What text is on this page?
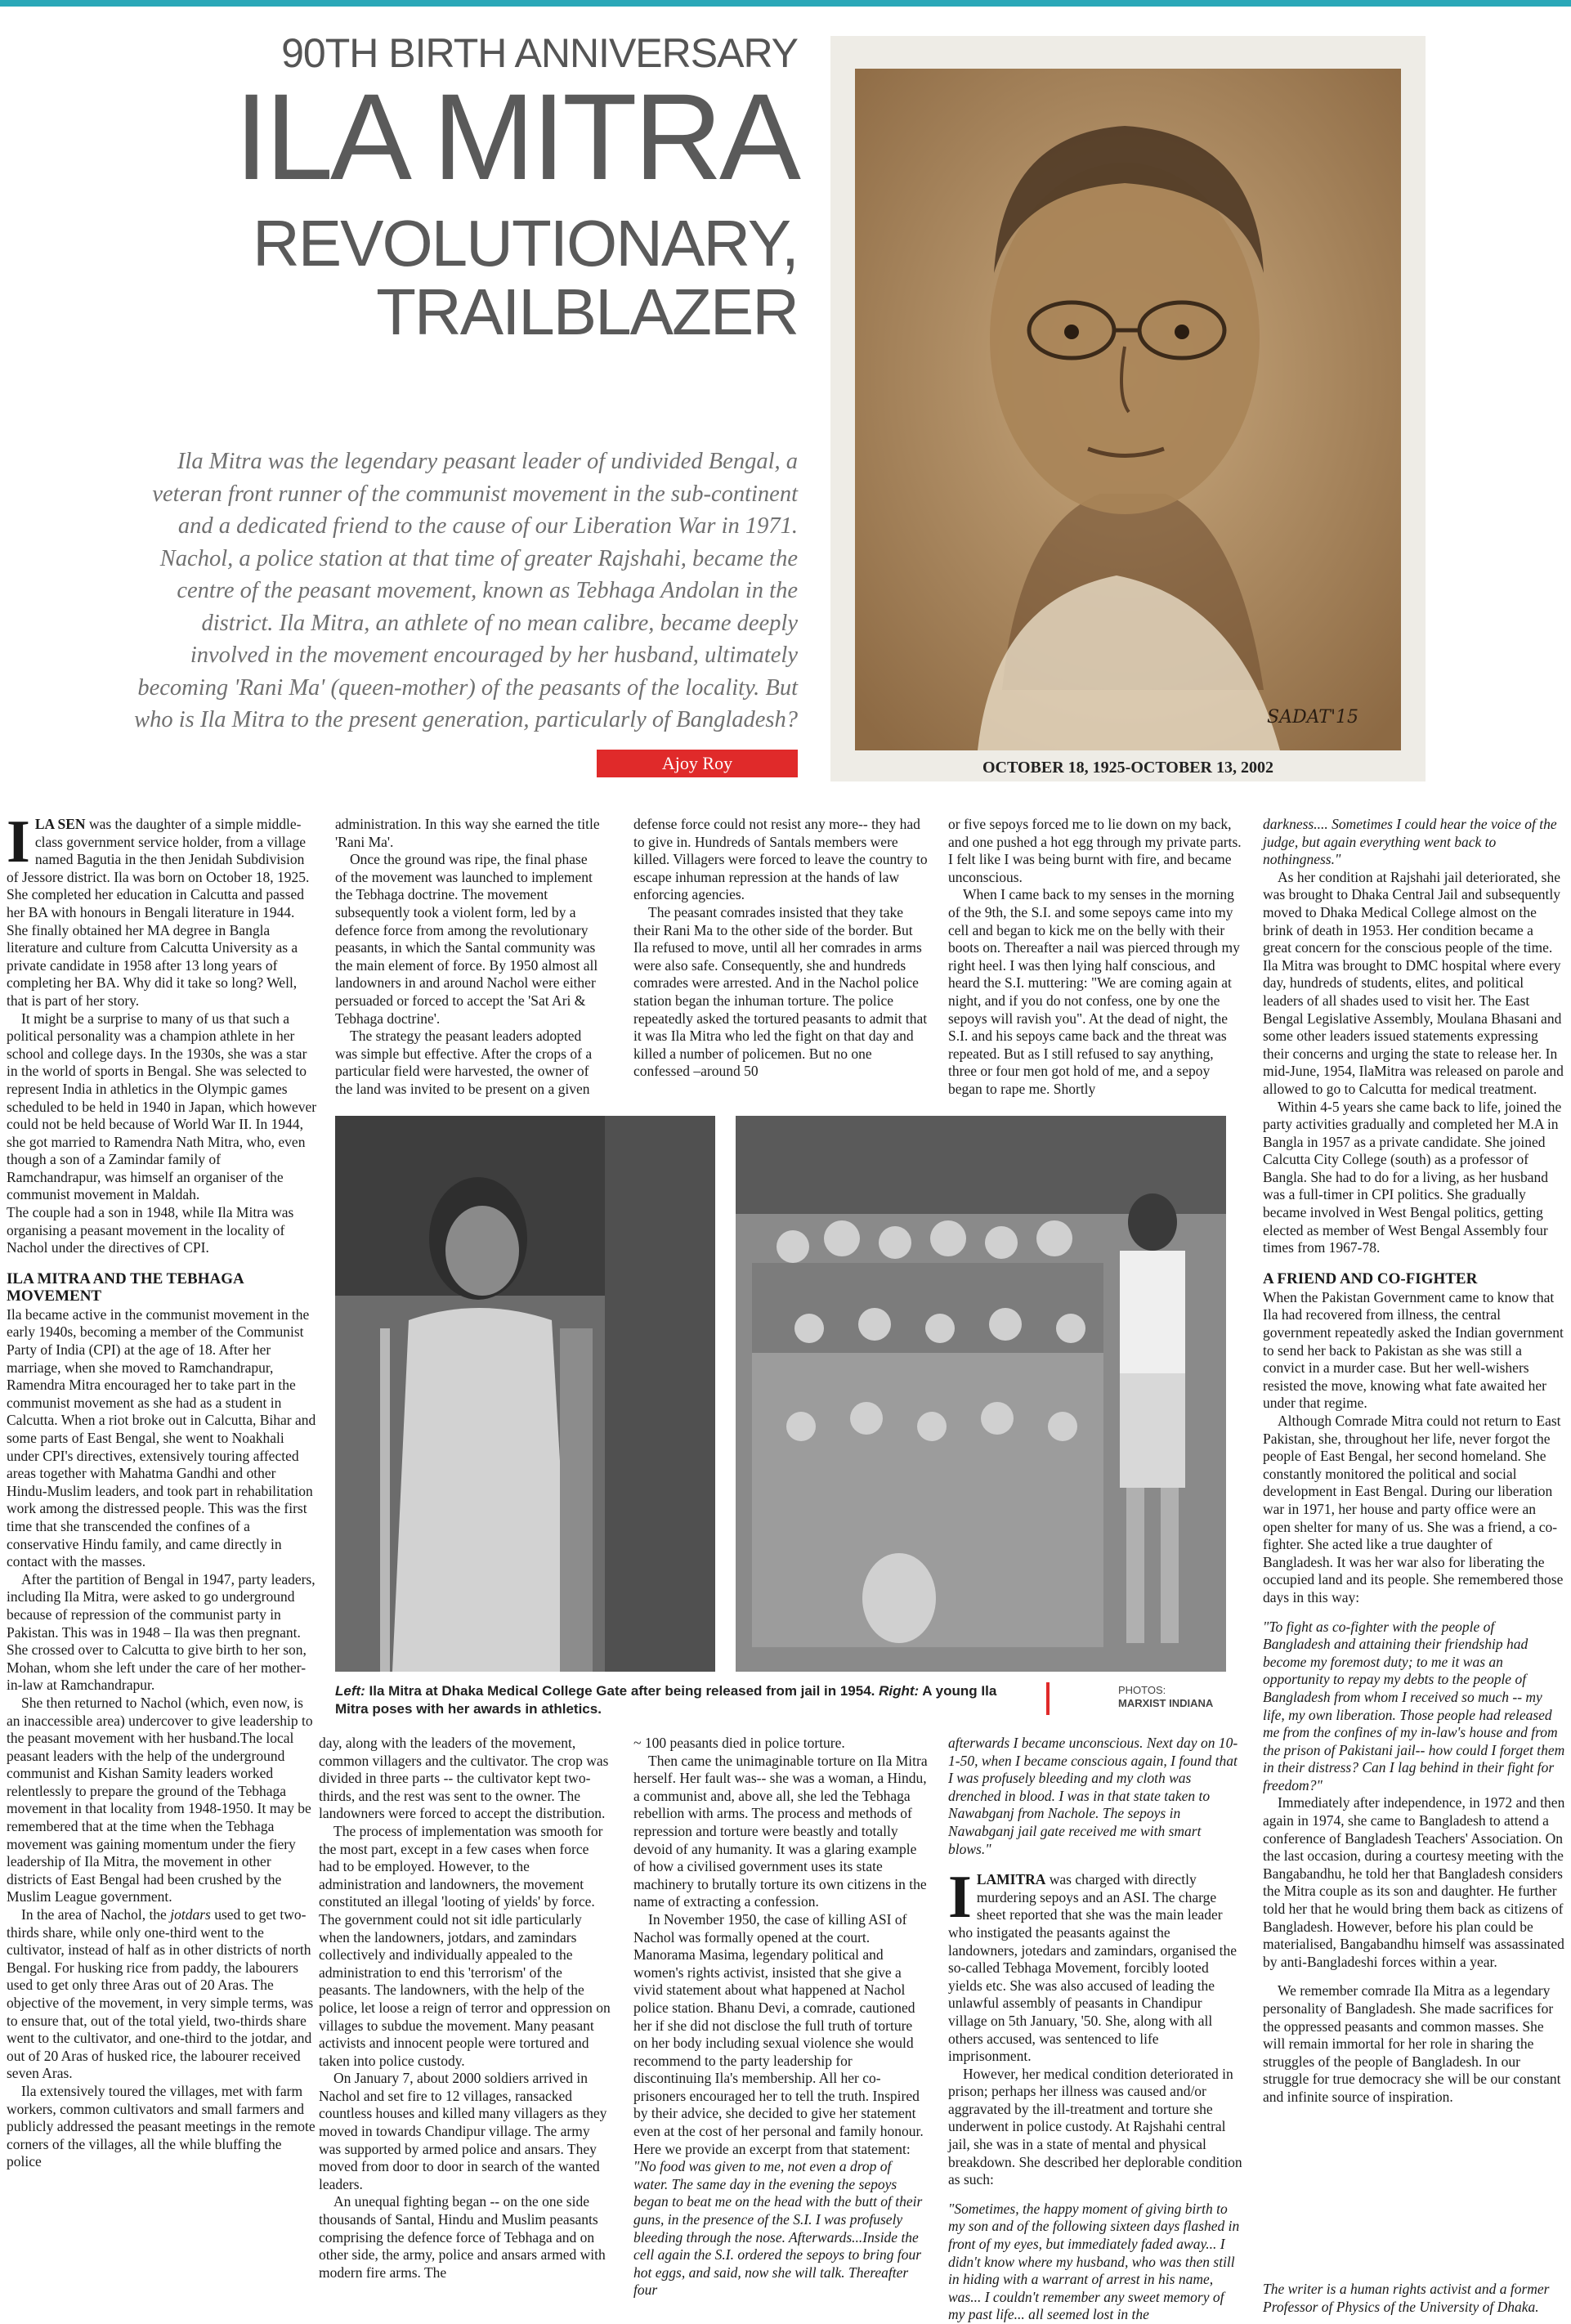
90TH BIRTH ANNIVERSARY
ILA MITRA
REVOLUTIONARY,
TRAILBLAZER
Ila Mitra was the legendary peasant leader of undivided Bengal, a veteran front runner of the communist movement in the sub-continent and a dedicated friend to the cause of our Liberation War in 1971. Nachol, a police station at that time of greater Rajshahi, became the centre of the peasant movement, known as Tebhaga Andolan in the district. Ila Mitra, an athlete of no mean calibre, became deeply involved in the movement encouraged by her husband, ultimately becoming 'Rani Ma' (queen-mother) of the peasants of the locality. But who is Ila Mitra to the present generation, particularly of Bangladesh?
Ajoy Roy
SADAT'15
OCTOBER 18, 1925-OCTOBER 13, 2002

ILA SEN was the daughter of a simple middle-class government service holder, from a village named Bagutia in the then Jenidah Subdivision of Jessore district. Ila was born on October 18, 1925. She completed her education in Calcutta and passed her BA with honours in Bengali literature in 1944. She finally obtained her MA degree in Bangla literature and culture from Calcutta University as a private candidate in 1958 after 13 long years of completing her BA. Why did it take so long? Well, that is part of her story.

It might be a surprise to many of us that such a political personality was a champion athlete in her school and college days. In the 1930s, she was a star in the world of sports in Bengal. She was selected to represent India in athletics in the Olympic games scheduled to be held in 1940 in Japan, which however could not be held because of World War II. In 1944, she got married to Ramendra Nath Mitra, who, even though a son of a Zamindar family of Ramchandrapur, was himself an organiser of the communist movement in Maldah.

The couple had a son in 1948, while Ila Mitra was organising a peasant movement in the locality of Nachol under the directives of CPI.

ILA MITRA AND THE TEBHAGA MOVEMENT

Ila became active in the communist movement in the early 1940s, becoming a member of the Communist Party of India (CPI) at the age of 18. After her marriage, when she moved to Ramchandrapur, Ramendra Mitra encouraged her to take part in the communist movement as she had as a student in Calcutta. When a riot broke out in Calcutta, Bihar and some parts of East Bengal, she went to Noakhali under CPI's directives, extensively touring affected areas together with Mahatma Gandhi and other Hindu-Muslim leaders, and took part in rehabilitation work among the distressed people. This was the first time that she transcended the confines of a conservative Hindu family, and came directly in contact with the masses.

After the partition of Bengal in 1947, party leaders, including Ila Mitra, were asked to go underground because of repression of the communist party in Pakistan. This was in 1948 – Ila was then pregnant. She crossed over to Calcutta to give birth to her son, Mohan, whom she left under the care of her mother-in-law at Ramchandrapur.

She then returned to Nachol (which, even now, is an inaccessible area) undercover to give leadership to the peasant movement with her husband.The local peasant leaders with the help of the underground communist and Kishan Samity leaders worked relentlessly to prepare the ground of the Tebhaga movement in that locality from 1948-1950. It may be remembered that at the time when the Tebhaga movement was gaining momentum under the fiery leadership of Ila Mitra, the movement in other districts of East Bengal had been crushed by the Muslim League government.

In the area of Nachol, the jotdars used to get two-thirds share, while only one-third went to the cultivator, instead of half as in other districts of north Bengal. For husking rice from paddy, the labourers used to get only three Aras out of 20 Aras. The objective of the movement, in very simple terms, was to ensure that, out of the total yield, two-thirds share went to the cultivator, and one-third to the jotdar, and out of 20 Aras of husked rice, the labourer received seven Aras.

Ila extensively toured the villages, met with farm workers, common cultivators and small farmers and publicly addressed the peasant meetings in the remote corners of the villages, all the while bluffing the police

administration. In this way she earned the title 'Rani Ma'.

Once the ground was ripe, the final phase of the movement was launched to implement the Tebhaga doctrine. The movement subsequently took a violent form, led by a defence force from among the revolutionary peasants, in which the Santal community was the main element of force. By 1950 almost all landowners in and around Nachol were either persuaded or forced to accept the 'Sat Ari & Tebhaga doctrine'.

The strategy the peasant leaders adopted was simple but effective. After the crops of a particular field were harvested, the owner of the land was invited to be present on a given

defense force could not resist any more-- they had to give in. Hundreds of Santals members were killed. Villagers were forced to leave the country to escape inhuman repression at the hands of law enforcing agencies.

The peasant comrades insisted that they take their Rani Ma to the other side of the border. But Ila refused to move, until all her comrades in arms were also safe. Consequently, she and hundreds comrades were arrested. And in the Nachol police station began the inhuman torture. The police repeatedly asked the tortured peasants to admit that it was Ila Mitra who led the fight on that day and killed a number of policemen. But no one confessed –around 50

or five sepoys forced me to lie down on my back, and one pushed a hot egg through my private parts. I felt like I was being burnt with fire, and became unconscious.

When I came back to my senses in the morning of the 9th, the S.I. and some sepoys came into my cell and began to kick me on the belly with their boots on. Thereafter a nail was pierced through my right heel. I was then lying half conscious, and heard the S.I. muttering: "We are coming again at night, and if you do not confess, one by one the sepoys will ravish you". At the dead of night, the S.I. and his sepoys came back and the threat was repeated. But as I still refused to say anything, three or four men got hold of me, and a sepoy began to rape me. Shortly

darkness.... Sometimes I could hear the voice of the judge, but again everything went back to nothingness."

As her condition at Rajshahi jail deteriorated, she was brought to Dhaka Central Jail and subsequently moved to Dhaka Medical College almost on the brink of death in 1953. Her condition became a great concern for the conscious people of the time. Ila Mitra was brought to DMC hospital where every day, hundreds of students, elites, and political leaders of all shades used to visit her. The East Bengal Legislative Assembly, Moulana Bhasani and some other leaders issued statements expressing their concerns and urging the state to release her. In mid-June, 1954, IlaMitra was released on parole and allowed to go to Calcutta for medical treatment.

Within 4-5 years she came back to life, joined the party activities gradually and completed her M.A in Bangla in 1957 as a private candidate. She joined Calcutta City College (south) as a professor of Bangla. She had to do for a living, as her husband was a full-timer in CPI politics. She gradually became involved in West Bengal politics, getting elected as member of West Bengal Assembly four times from 1967-78.

A FRIEND AND CO-FIGHTER

When the Pakistan Government came to know that Ila had recovered from illness, the central government repeatedly asked the Indian government to send her back to Pakistan as she was still a convict in a murder case. But her well-wishers resisted the move, knowing what fate awaited her under that regime.

Although Comrade Mitra could not return to East Pakistan, she, throughout her life, never forgot the people of East Bengal, her second homeland. She constantly monitored the political and social development in East Bengal. During our liberation war in 1971, her house and party office were an open shelter for many of us. She was a friend, a co-fighter. She acted like a true daughter of Bangladesh. It was her war also for liberating the occupied land and its people. She remembered those days in this way:

"To fight as co-fighter with the people of Bangladesh and attaining their friendship had become my foremost duty; to me it was an opportunity to repay my debts to the people of Bangladesh from whom I received so much -- my life, my own liberation. Those people had released me from the confines of my in-law's house and from the prison of Pakistani jail-- how could I forget them in their distress? Can I lag behind in their fight for freedom?"

Immediately after independence, in 1972 and then again in 1974, she came to Bangladesh to attend a conference of Bangladesh Teachers' Association. On the last occasion, during a courtesy meeting with the Bangabandhu, he told her that Bangladesh considers the Mitra couple as its son and daughter. He further told her that he would bring them back as citizens of Bangladesh. However, before his plan could be materialised, Bangabandhu himself was assassinated by anti-Bangladeshi forces within a year.

We remember comrade Ila Mitra as a legendary personality of Bangladesh. She made sacrifices for the oppressed peasants and common masses. She will remain immortal for her role in sharing the struggles of the people of Bangladesh. In our struggle for true democracy she will be our constant and infinite source of inspiration.

The writer is a human rights activist and a former Professor of Physics of the University of Dhaka.
Left: Ila Mitra at Dhaka Medical College Gate after being released from jail in 1954. Right: A young Ila Mitra poses with her awards in athletics.
PHOTOS:
MARXIST INDIANA

day, along with the leaders of the movement, common villagers and the cultivator. The crop was divided in three parts -- the cultivator kept two-thirds, and the rest was sent to the owner. The landowners were forced to accept the distribution.

The process of implementation was smooth for the most part, except in a few cases when force had to be employed. However, to the administration and landowners, the movement constituted an illegal 'looting of yields' by force. The government could not sit idle particularly when the landowners, jotdars, and zamindars collectively and individually appealed to the administration to end this 'terrorism' of the peasants. The landowners, with the help of the police, let loose a reign of terror and oppression on villages to subdue the movement. Many peasant activists and innocent people were tortured and taken into police custody.

On January 7, about 2000 soldiers arrived in Nachol and set fire to 12 villages, ransacked countless houses and killed many villagers as they moved in towards Chandipur village. The army was supported by armed police and ansars. They moved from door to door in search of the wanted leaders.

An unequal fighting began -- on the one side thousands of Santal, Hindu and Muslim peasants comprising the defence force of Tebhaga and on other side, the army, police and ansars armed with modern fire arms. The

~ 100 peasants died in police torture.

Then came the unimaginable torture on Ila Mitra herself. Her fault was-- she was a woman, a Hindu, a communist and, above all, she led the Tebhaga rebellion with arms. The process and methods of repression and torture were beastly and totally devoid of any humanity. It was a glaring example of how a civilised government uses its state machinery to brutally torture its own citizens in the name of extracting a confession.

In November 1950, the case of killing ASI of Nachol was formally opened at the court. Manorama Masima, legendary political and women's rights activist, insisted that she give a vivid statement about what happened at Nachol police station. Bhanu Devi, a comrade, cautioned her if she did not disclose the full truth of torture on her body including sexual violence she would recommend to the party leadership for discontinuing Ila's membership. All her co-prisoners encouraged her to tell the truth. Inspired by their advice, she decided to give her statement even at the cost of her personal and family honour. Here we provide an excerpt from that statement:

"No food was given to me, not even a drop of water. The same day in the evening the sepoys began to beat me on the head with the butt of their guns, in the presence of the S.I. I was profusely bleeding through the nose. Afterwards...Inside the cell again the S.I. ordered the sepoys to bring four hot eggs, and said, now she will talk. Thereafter four

afterwards I became unconscious. Next day on 10-1-50, when I became conscious again, I found that I was profusely bleeding and my cloth was drenched in blood. I was in that state taken to Nawabganj from Nachole. The sepoys in Nawabganj jail gate received me with smart blows."

ILAMITRA was charged with directly murdering sepoys and an ASI. The charge sheet reported that she was the main leader who instigated the peasants against the landowners, jotedars and zamindars, organised the so-called Tebhaga Movement, forcibly looted yields etc. She was also accused of leading the unlawful assembly of peasants in Chandipur village on 5th January, '50. She, along with all others accused, was sentenced to life imprisonment.

However, her medical condition deteriorated in prison; perhaps her illness was caused and/or aggravated by the ill-treatment and torture she underwent in police custody. At Rajshahi central jail, she was in a state of mental and physical breakdown. She described her deplorable condition as such:

"Sometimes, the happy moment of giving birth to my son and of the following sixteen days flashed in front of my eyes, but immediately faded away... I didn't know where my husband, who was then still in hiding with a warrant of arrest in his name, was... I couldn't remember any sweet memory of my past life... all seemed lost in the
